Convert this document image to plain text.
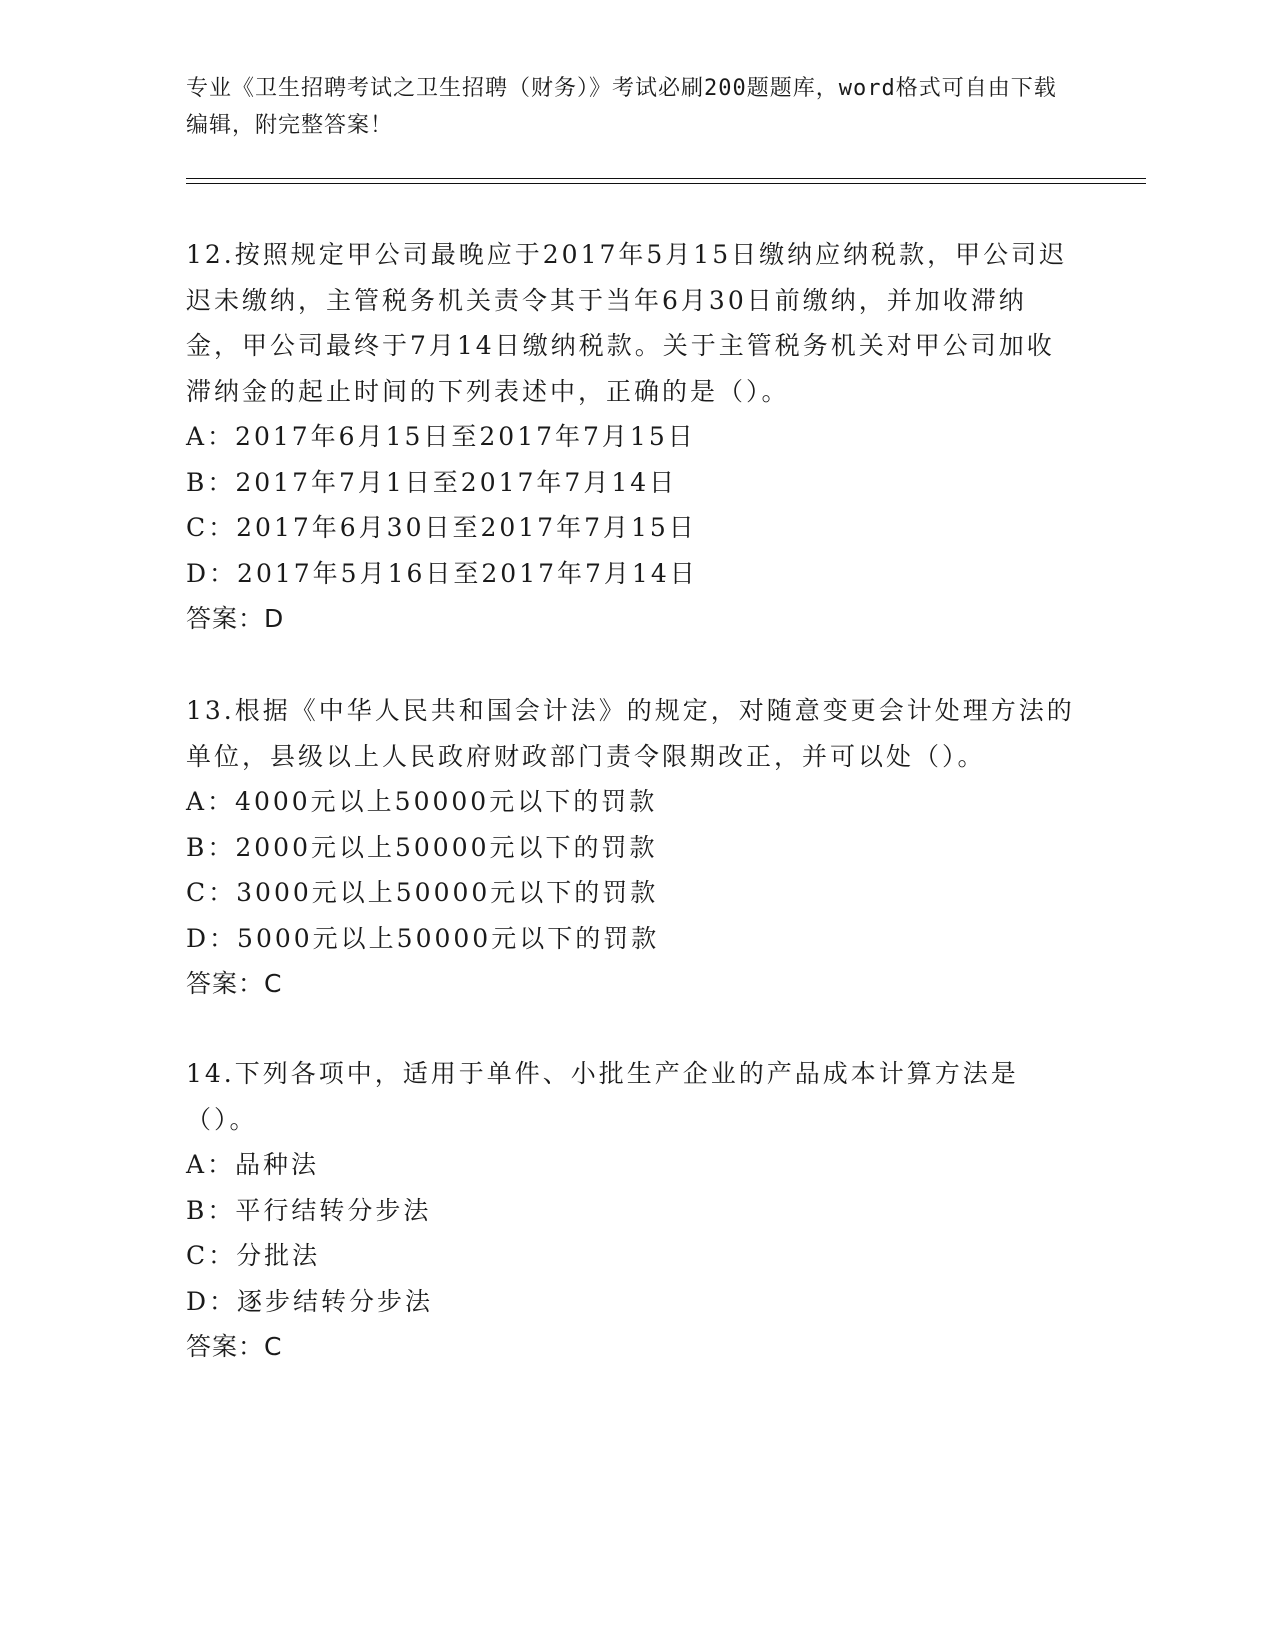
专业《卫生招聘考试之卫生招聘（财务）》考试必刷200题题库，word格式可自由下载编辑，附完整答案！

12.按照规定甲公司最晚应于2017年5月15日缴纳应纳税款，甲公司迟迟未缴纳，主管税务机关责令其于当年6月30日前缴纳，并加收滞纳金，甲公司最终于7月14日缴纳税款。关于主管税务机关对甲公司加收滞纳金的起止时间的下列表述中，正确的是（）。

A：2017年6月15日至2017年7月15日

B：2017年7月1日至2017年7月14日

C：2017年6月30日至2017年7月15日

D：2017年5月16日至2017年7月14日

答案：D

13.根据《中华人民共和国会计法》的规定，对随意变更会计处理方法的单位，县级以上人民政府财政部门责令限期改正，并可以处（）。

A：4000元以上50000元以下的罚款

B：2000元以上50000元以下的罚款

C：3000元以上50000元以下的罚款

D：5000元以上50000元以下的罚款

答案：C

14.下列各项中，适用于单件、小批生产企业的产品成本计算方法是（）。

A：品种法

B：平行结转分步法

C：分批法

D：逐步结转分步法

答案：C
